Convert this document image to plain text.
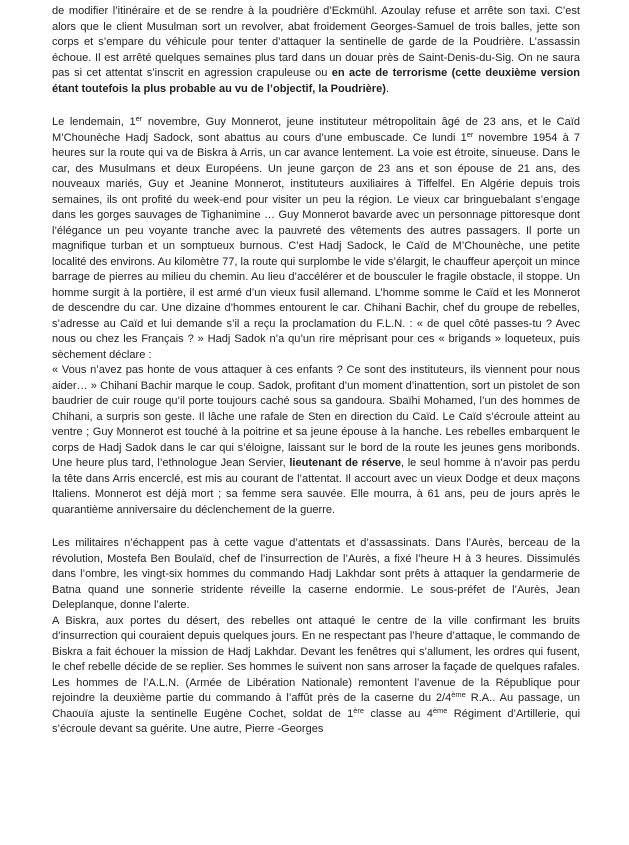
de modifier l’itinéraire et de se rendre à la poudrière d’Eckmühl. Azoulay refuse et arrête son taxi. C’est alors que le client Musulman sort un revolver, abat froidement Georges-Samuel de trois balles, jette son corps et s’empare du véhicule pour tenter d’attaquer la sentinelle de garde de la Poudrière. L’assassin échoue. Il est arrêté quelques semaines plus tard dans un douar près de Saint-Denis-du-Sig. On ne saura pas si cet attentat s’inscrit en agression crapuleuse ou en acte de terrorisme (cette deuxième version étant toutefois la plus probable au vu de l’objectif, la Poudrière).

Le lendemain, 1er novembre, Guy Monnerot, jeune instituteur métropolitain âgé de 23 ans, et le Caïd M’Chounèche Hadj Sadock, sont abattus au cours d’une embuscade. Ce lundi 1er novembre 1954 à 7 heures sur la route qui va de Biskra à Arris, un car avance lentement. La voie est étroite, sinueuse. Dans le car, des Musulmans et deux Européens. Un jeune garçon de 23 ans et son épouse de 21 ans, des nouveaux mariés, Guy et Jeanine Monnerot, instituteurs auxiliaires à Tiffelfel. En Algérie depuis trois semaines, ils ont profité du week-end pour visiter un peu la région. Le vieux car bringuebalant s’engage dans les gorges sauvages de Tighanimine … Guy Monnerot bavarde avec un personnage pittoresque dont l’élégance un peu voyante tranche avec la pauvreté des vêtements des autres passagers. Il porte un magnifique turban et un somptueux burnous. C’est Hadj Sadock, le Caïd de M’Chounèche, une petite localité des environs. Au kilomètre 77, la route qui surplombe le vide s’élargit, le chauffeur aperçoit un mince barrage de pierres au milieu du chemin. Au lieu d’accélérer et de bousculer le fragile obstacle, il stoppe. Un homme surgit à la portière, il est armé d’un vieux fusil allemand. L’homme somme le Caïd et les Monnerot de descendre du car. Une dizaine d’hommes entourent le car. Chihani Bachir, chef du groupe de rebelles, s’adresse au Caïd et lui demande s’il a reçu la proclamation du F.L.N. : « de quel côté passes-tu ? Avec nous ou chez les Français ? » Hadj Sadok n’a qu’un rire méprisant pour ces « brigands » loqueteux, puis sèchement déclare :

« Vous n’avez pas honte de vous attaquer à ces enfants ? Ce sont des instituteurs, ils viennent pour nous aider… » Chihani Bachir marque le coup. Sadok, profitant d’un moment d’inattention, sort un pistolet de son baudrier de cuir rouge qu’il porte toujours caché sous sa gandoura. Sbaïhi Mohamed, l’un des hommes de Chihani, a surpris son geste. Il lâche une rafale de Sten en direction du Caïd. Le Caïd s’écroule atteint au ventre ; Guy Monnerot est touché à la poitrine et sa jeune épouse à la hanche. Les rebelles embarquent le corps de Hadj Sadok dans le car qui s’éloigne, laissant sur le bord de la route les jeunes gens moribonds. Une heure plus tard, l’ethnologue Jean Servier, lieutenant de réserve, le seul homme à n’avoir pas perdu la tête dans Arris encerclé, est mis au courant de l’attentat. Il accourt avec un vieux Dodge et deux maçons Italiens. Monnerot est déjà mort ; sa femme sera sauvée. Elle mourra, à 61 ans, peu de jours après le quarantième anniversaire du déclenchement de la guerre.

Les militaires n’échappent pas à cette vague d’attentats et d’assassinats. Dans l’Aurès, berceau de la révolution, Mostefa Ben Boulaïd, chef de l’insurrection de l’Aurès, a fixé l’heure H à 3 heures. Dissimulés dans l’ombre, les vingt-six hommes du commando Hadj Lakhdar sont prêts à attaquer la gendarmerie de Batna quand une sonnerie stridente réveille la caserne endormie. Le sous-préfet de l’Aurès, Jean Deleplanque, donne l’alerte.

A Biskra, aux portes du désert, des rebelles ont attaqué le centre de la ville confirmant les bruits d’insurrection qui couraient depuis quelques jours. En ne respectant pas l’heure d’attaque, le commando de Biskra a fait échouer la mission de Hadj Lakhdar. Devant les fenêtres qui s’allument, les ordres qui fusent, le chef rebelle décide de se replier. Ses hommes le suivent non sans arroser la façade de quelques rafales. Les hommes de l’A.L.N. (Armée de Libération Nationale) remontent l’avenue de la République pour rejoindre la deuxième partie du commando à l’affût près de la caserne du 2/4ème R.A.. Au passage, un Chaouïa ajuste la sentinelle Eugène Cochet, soldat de 1ère classe au 4ème Régiment d’Artillerie, qui s’écroule devant sa guérite. Une autre, Pierre -Georges
